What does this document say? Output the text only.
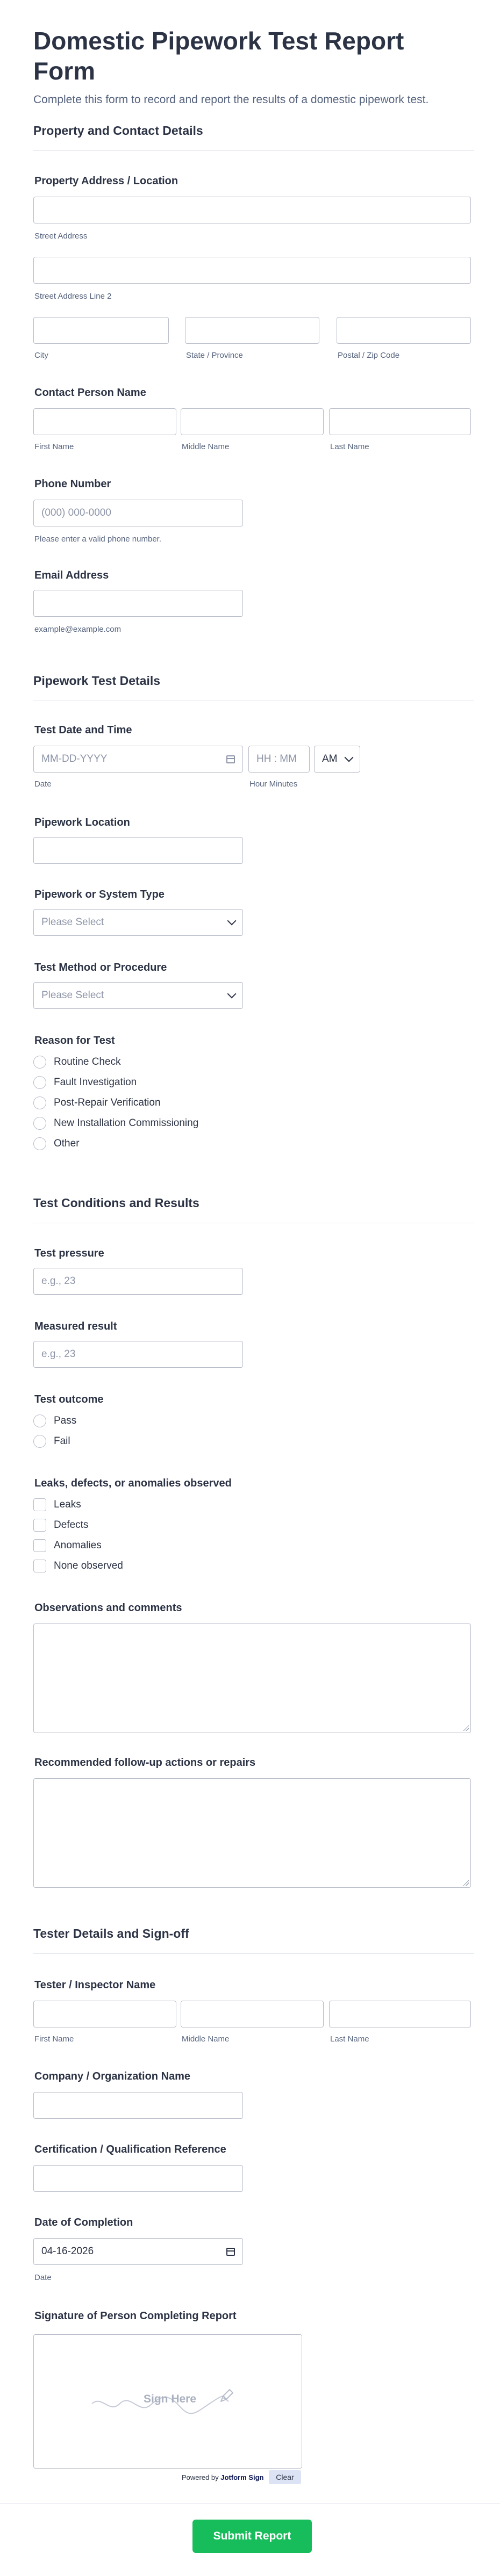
Domestic Pipework Test Report Form

Complete this form to record and report the results of a domestic pipework test.

Property and Contact Details
Property Address / Location
Street Address
Street Address Line 2
City	State / Province	Postal / Zip Code
Contact Person Name
First Name	Middle Name	Last Name
Phone Number
(000) 000-0000
Please enter a valid phone number.
Email Address
example@example.com
Pipework Test Details
Test Date and Time
MM-DD-YYYY
Date
HH : MM
Hour Minutes
AM
Pipework Location
Pipework or System Type
Please Select
Test Method or Procedure
Please Select
Reason for Test
Routine Check
Fault Investigation
Post-Repair Verification
New Installation Commissioning
Other
Test Conditions and Results
Test pressure
e.g., 23
Measured result
e.g., 23
Test outcome
Pass
Fail
Leaks, defects, or anomalies observed
Leaks
Defects
Anomalies
None observed
Observations and comments
Recommended follow-up actions or repairs
Tester Details and Sign-off
Tester / Inspector Name
First Name	Middle Name	Last Name
Company / Organization Name
Certification / Qualification Reference
Date of Completion
04-16-2026
Date
Signature of Person Completing Report
Sign Here
Powered by Jotform Sign	Clear
Submit Report
